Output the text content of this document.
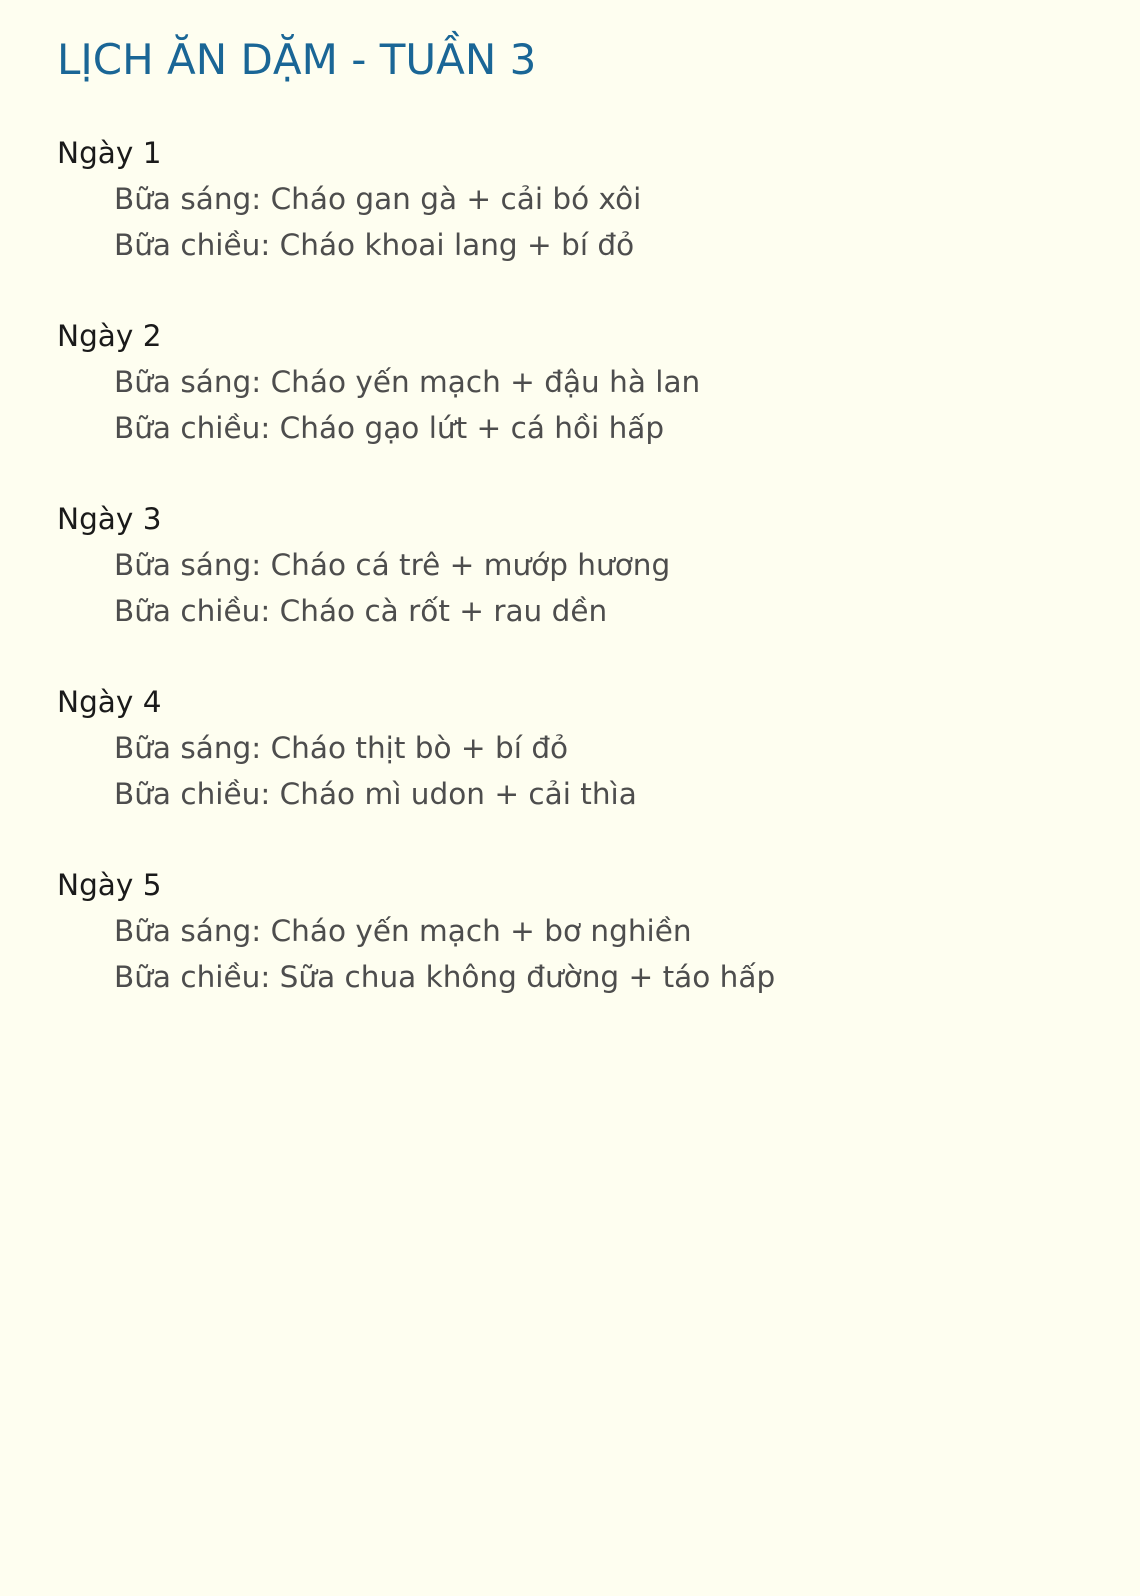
LỊCH ĂN DẶM - TUẦN 3
Ngày 1
Bữa sáng: Cháo gan gà + cải bó xôi
Bữa chiều: Cháo khoai lang + bí đỏ
Ngày 2
Bữa sáng: Cháo yến mạch + đậu hà lan
Bữa chiều: Cháo gạo lứt + cá hồi hấp
Ngày 3
Bữa sáng: Cháo cá trê + mướp hương
Bữa chiều: Cháo cà rốt + rau dền
Ngày 4
Bữa sáng: Cháo thịt bò + bí đỏ
Bữa chiều: Cháo mì udon + cải thìa
Ngày 5
Bữa sáng: Cháo yến mạch + bơ nghiền
Bữa chiều: Sữa chua không đường + táo hấp
